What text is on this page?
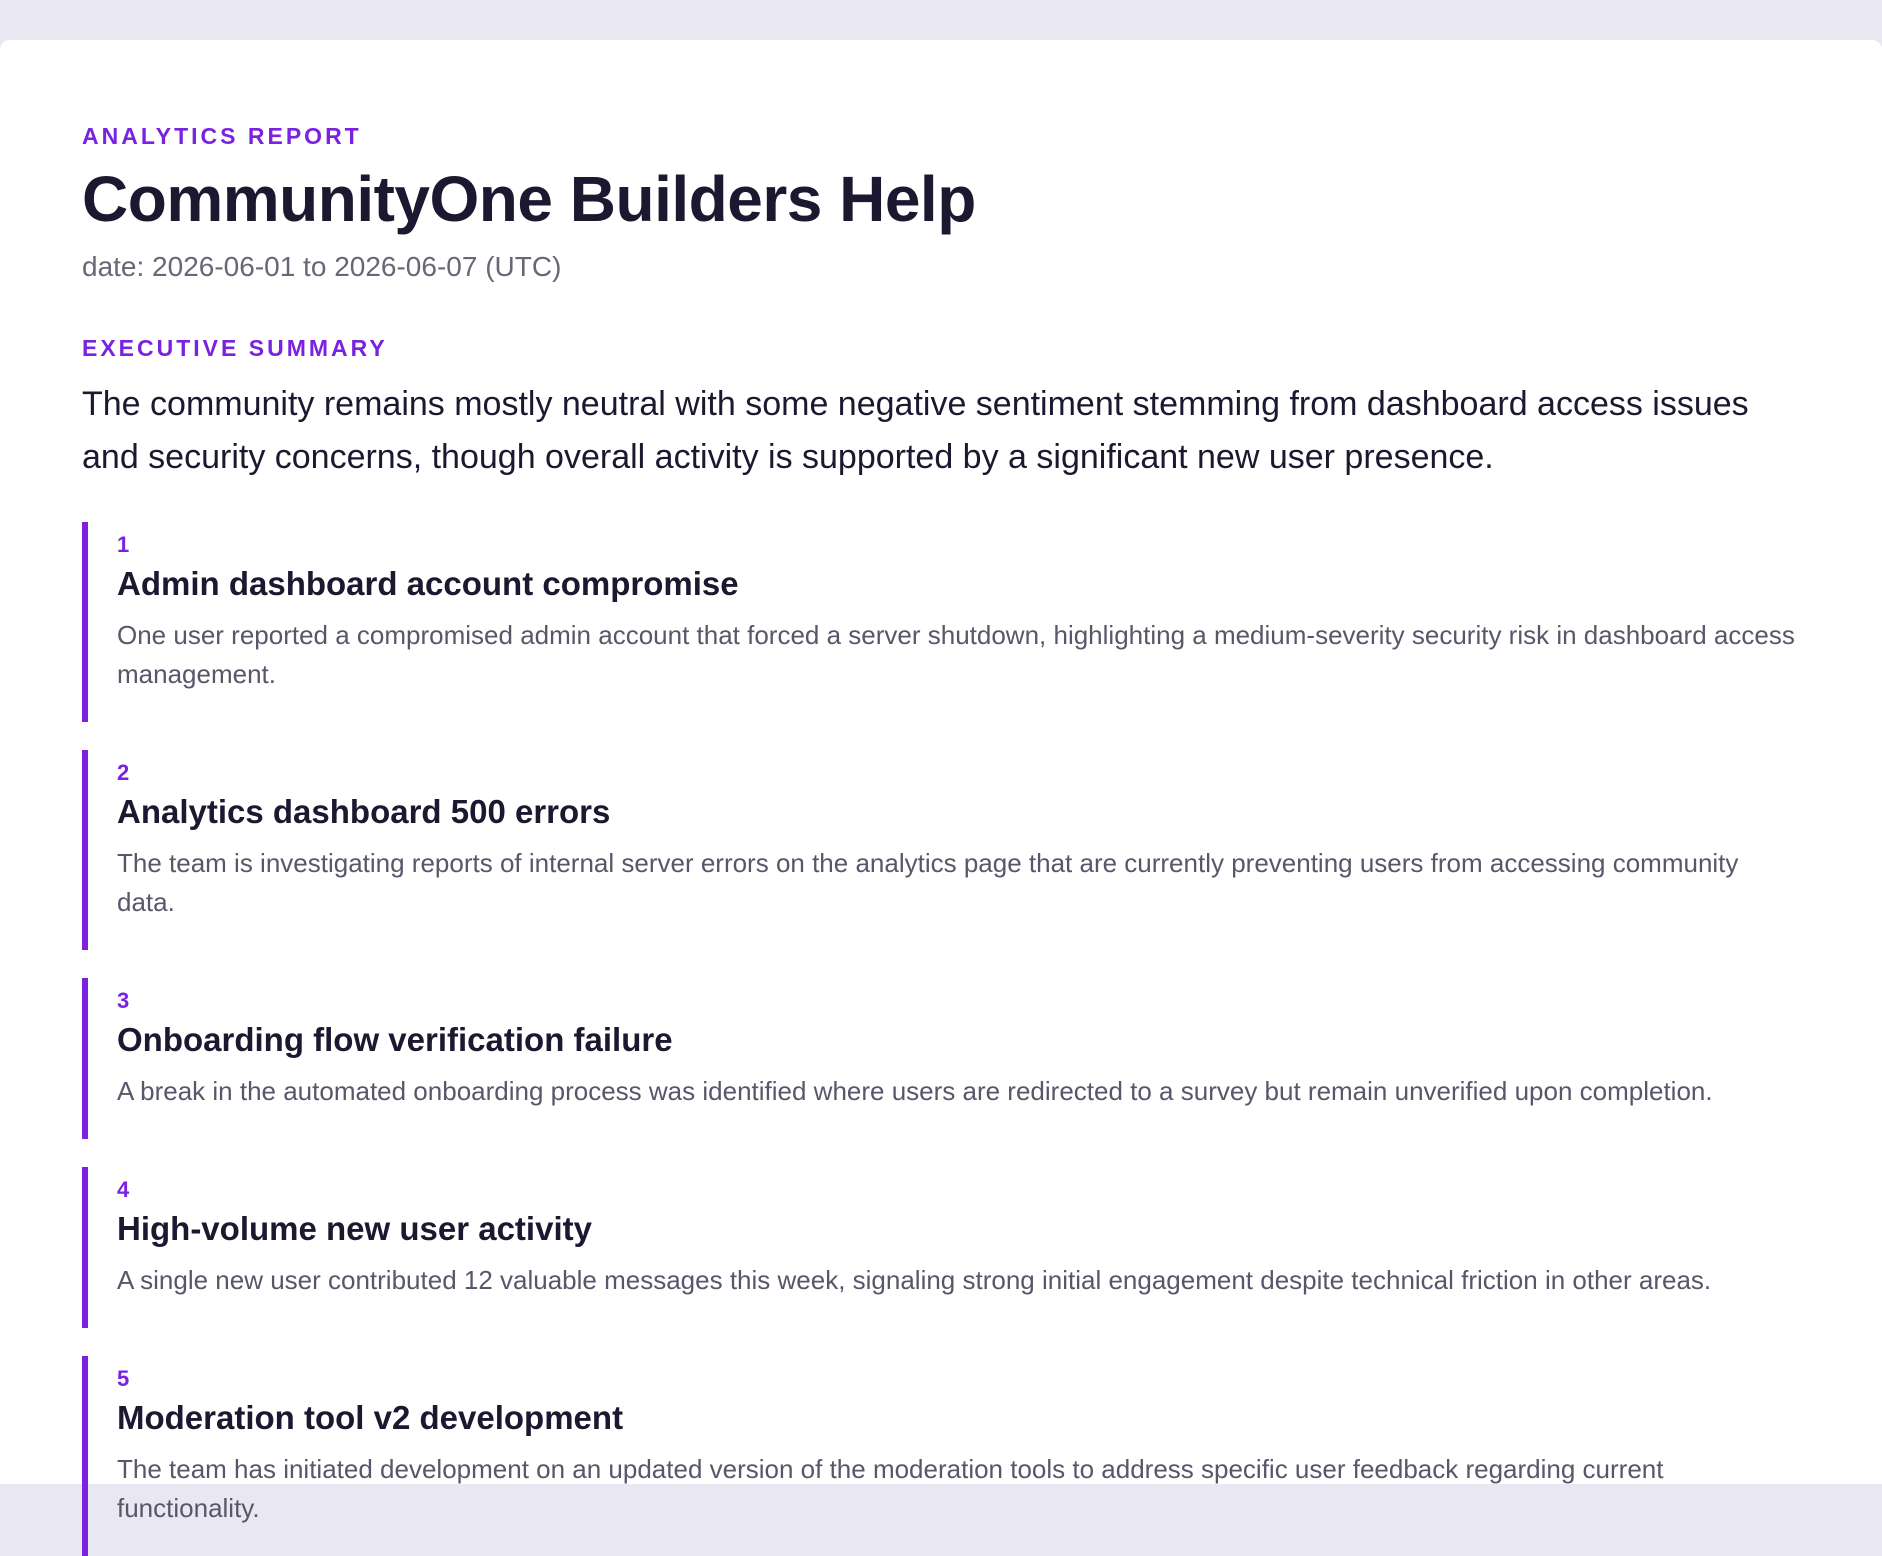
ANALYTICS REPORT
CommunityOne Builders Help
date: 2026-06-01 to 2026-06-07 (UTC)
EXECUTIVE SUMMARY
The community remains mostly neutral with some negative sentiment stemming from dashboard access issues and security concerns, though overall activity is supported by a significant new user presence.
1
Admin dashboard account compromise
One user reported a compromised admin account that forced a server shutdown, highlighting a medium-severity security risk in dashboard access management.
2
Analytics dashboard 500 errors
The team is investigating reports of internal server errors on the analytics page that are currently preventing users from accessing community data.
3
Onboarding flow verification failure
A break in the automated onboarding process was identified where users are redirected to a survey but remain unverified upon completion.
4
High-volume new user activity
A single new user contributed 12 valuable messages this week, signaling strong initial engagement despite technical friction in other areas.
5
Moderation tool v2 development
The team has initiated development on an updated version of the moderation tools to address specific user feedback regarding current functionality.
